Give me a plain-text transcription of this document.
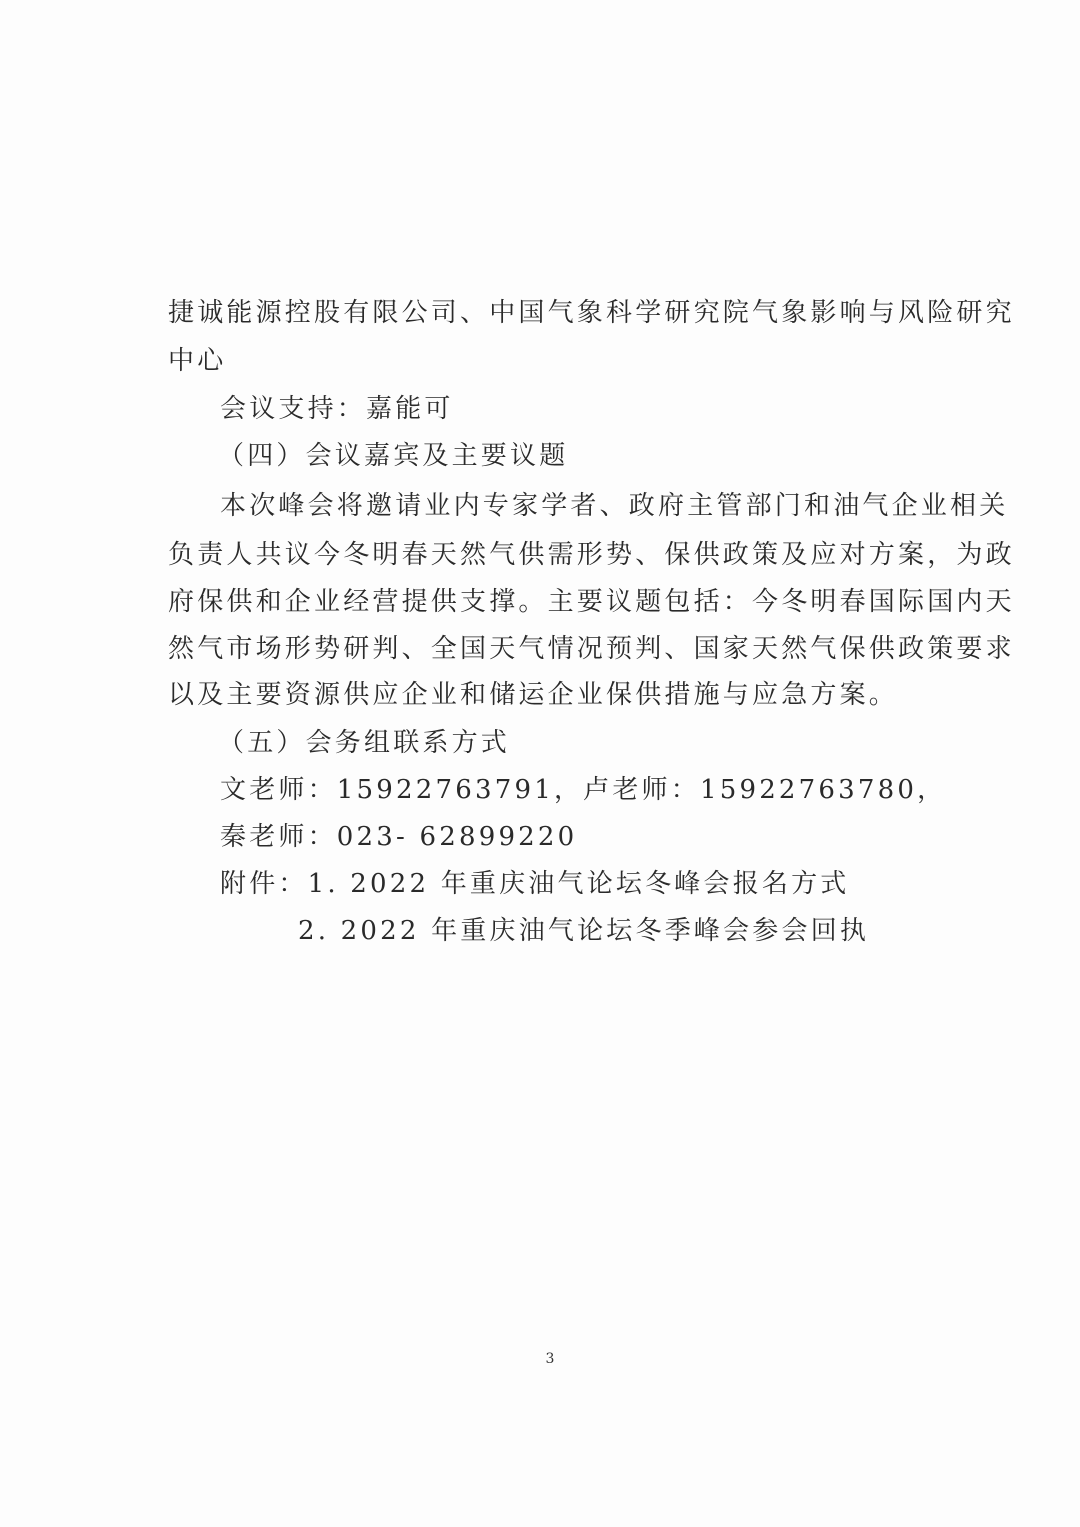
捷诚能源控股有限公司、中国气象科学研究院气象影响与风险研究
中心
会议支持：嘉能可
（四）会议嘉宾及主要议题
本次峰会将邀请业内专家学者、政府主管部门和油气企业相关
负责人共议今冬明春天然气供需形势、保供政策及应对方案，为政
府保供和企业经营提供支撑。主要议题包括：今冬明春国际国内天
然气市场形势研判、全国天气情况预判、国家天然气保供政策要求
以及主要资源供应企业和储运企业保供措施与应急方案。
（五）会务组联系方式
文老师：15922763791，卢老师：15922763780，
秦老师：023- 62899220
附件：1. 2022 年重庆油气论坛冬峰会报名方式
2. 2022 年重庆油气论坛冬季峰会参会回执
3
